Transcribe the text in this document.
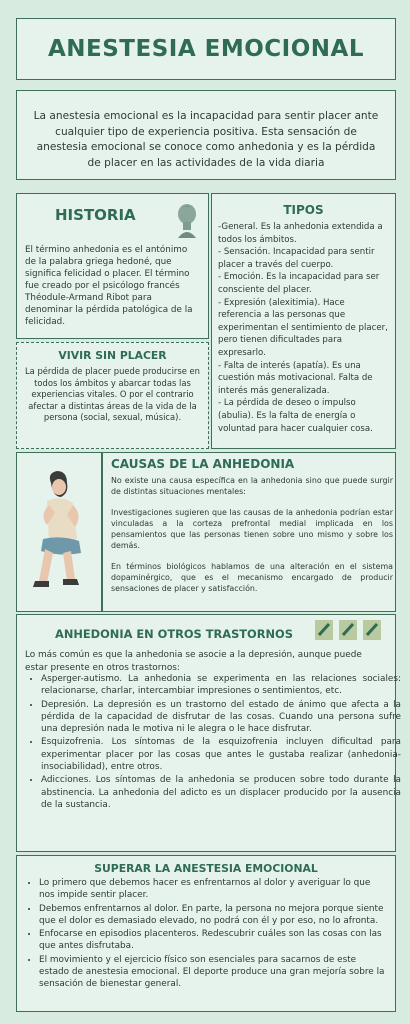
ANESTESIA EMOCIONAL
La anestesia emocional es la incapacidad para sentir placer ante cualquier tipo de experiencia positiva. Esta sensación de anestesia emocional se conoce como anhedonia y es la pérdida de placer en las actividades de la vida diaria
HISTORIA

El término anhedonia es el antónimo de la palabra griega hedoné, que significa felicidad o placer. El término fue creado por el psicólogo francés Théodule-Armand Ribot para denominar la pérdida patológica de la felicidad.

VIVIR SIN PLACER

La pérdida de placer puede producirse en todos los ámbitos y abarcar todas las experiencias vitales. O por el contrario afectar a distintas áreas de la vida de la persona (social, sexual, música).

TIPOS
-General. Es la anhedonia extendida a todos los ámbitos.
- Sensación. Incapacidad para sentir placer a través del cuerpo.
- Emoción. Es la incapacidad para ser consciente del placer.
- Expresión (alexitimia). Hace referencia a las personas que experimentan el sentimiento de placer, pero tienen dificultades para expresarlo.
- Falta de interés (apatía). Es una cuestión más motivacional. Falta de interés más generalizada.
- La pérdida de deseo o impulso (abulia). Es la falta de energía o voluntad para hacer cualquier cosa.
CAUSAS DE LA ANHEDONIA

No existe una causa específica en la anhedonia sino que puede surgir de distintas situaciones mentales:

Investigaciones sugieren que las causas de la anhedonia podrían estar vinculadas a la corteza prefrontal medial implicada en los pensamientos que las personas tienen sobre uno mismo y sobre los demás.

En términos biológicos hablamos de una alteración en el sistema dopaminérgico, que es el mecanismo encargado de producir sensaciones de placer y satisfacción.

ANHEDONIA EN OTROS TRASTORNOS

Lo más común es que la anhedonia se asocie a la depresión, aunque puede estar presente en otros trastornos:

• Asperger-autismo. La anhedonia se experimenta en las relaciones sociales: relacionarse, charlar, intercambiar impresiones o sentimientos, etc.
• Depresión. La depresión es un trastorno del estado de ánimo que afecta a la pérdida de la capacidad de disfrutar de las cosas. Cuando una persona sufre una depresión nada le motiva ni le alegra o le hace disfrutar.
• Esquizofrenia. Los síntomas de la esquizofrenia incluyen dificultad para experimentar placer por las cosas que antes le gustaba realizar (anhedonia-insociabilidad), entre otros.
• Adicciones. Los síntomas de la anhedonia se producen sobre todo durante la abstinencia. La anhedonia del adicto es un displacer producido por la ausencia de la sustancia.
SUPERAR LA ANESTESIA EMOCIONAL
• Lo primero que debemos hacer es enfrentarnos al dolor y averiguar lo que nos impide sentir placer.
• Debemos enfrentarnos al dolor. En parte, la persona no mejora porque siente que el dolor es demasiado elevado, no podrá con él y por eso, no lo afronta.
• Enfocarse en episodios placenteros. Redescubrir cuáles son las cosas con las que antes disfrutaba.
• El movimiento y el ejercicio físico son esenciales para sacarnos de este estado de anestesia emocional. El deporte produce una gran mejoría sobre la sensación de bienestar general.
